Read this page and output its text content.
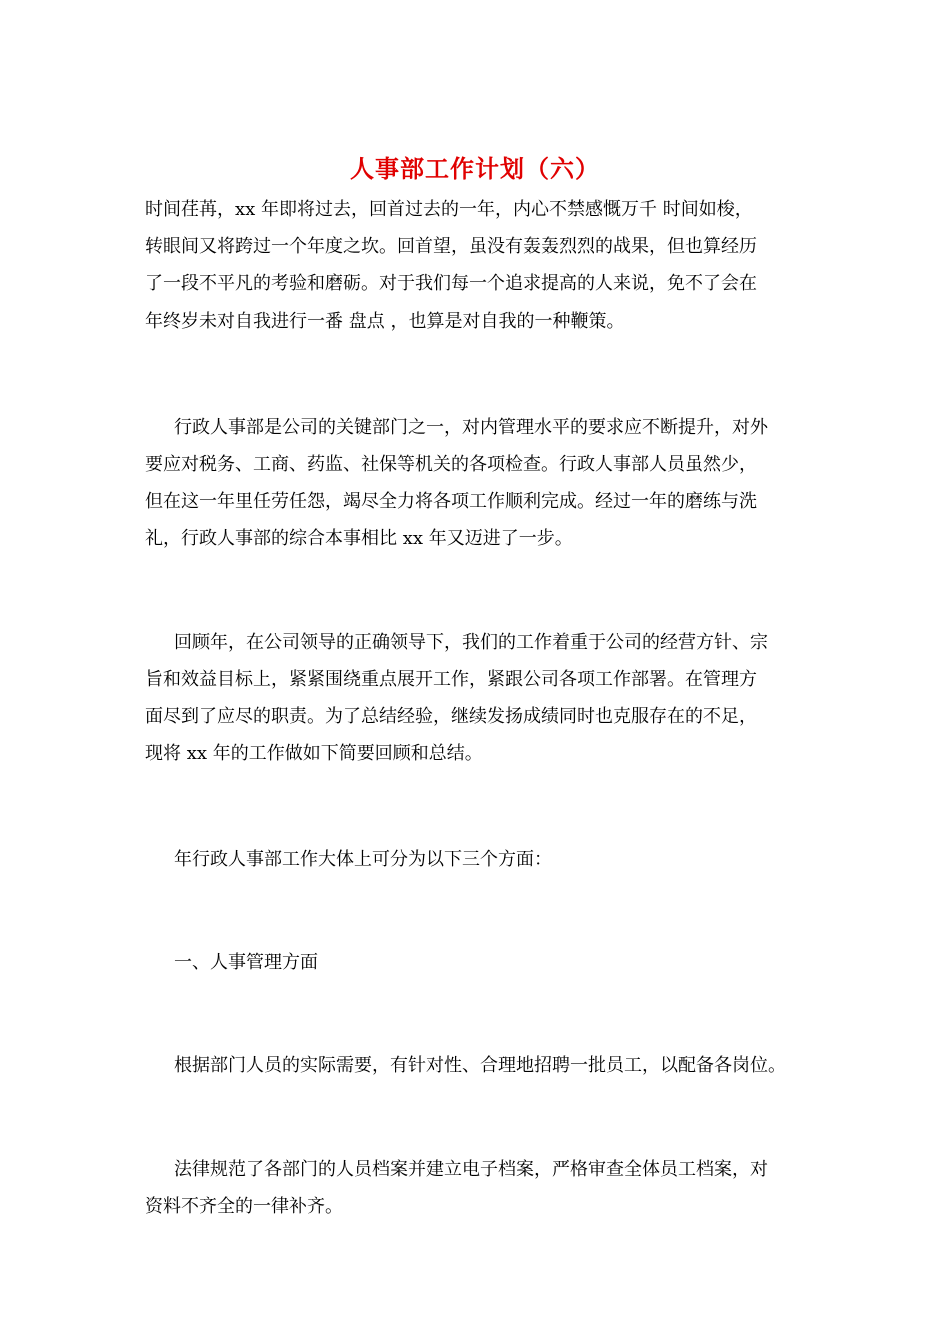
人事部工作计划（六）
时间荏苒，xx 年即将过去，回首过去的一年，内心不禁感慨万千 时间如梭，
转眼间又将跨过一个年度之坎。回首望，虽没有轰轰烈烈的战果，但也算经历
了一段不平凡的考验和磨砺。对于我们每一个追求提高的人来说，免不了会在
年终岁未对自我进行一番 盘点 ，也算是对自我的一种鞭策。
行政人事部是公司的关键部门之一，对内管理水平的要求应不断提升，对外
要应对税务、工商、药监、社保等机关的各项检查。行政人事部人员虽然少，
但在这一年里任劳任怨，竭尽全力将各项工作顺利完成。经过一年的磨练与洗
礼，行政人事部的综合本事相比 xx 年又迈进了一步。
回顾年，在公司领导的正确领导下，我们的工作着重于公司的经营方针、宗
旨和效益目标上，紧紧围绕重点展开工作，紧跟公司各项工作部署。在管理方
面尽到了应尽的职责。为了总结经验，继续发扬成绩同时也克服存在的不足，
现将 xx 年的工作做如下简要回顾和总结。
年行政人事部工作大体上可分为以下三个方面：
一、人事管理方面
根据部门人员的实际需要，有针对性、合理地招聘一批员工，以配备各岗位。
法律规范了各部门的人员档案并建立电子档案，严格审查全体员工档案，对
资料不齐全的一律补齐。
